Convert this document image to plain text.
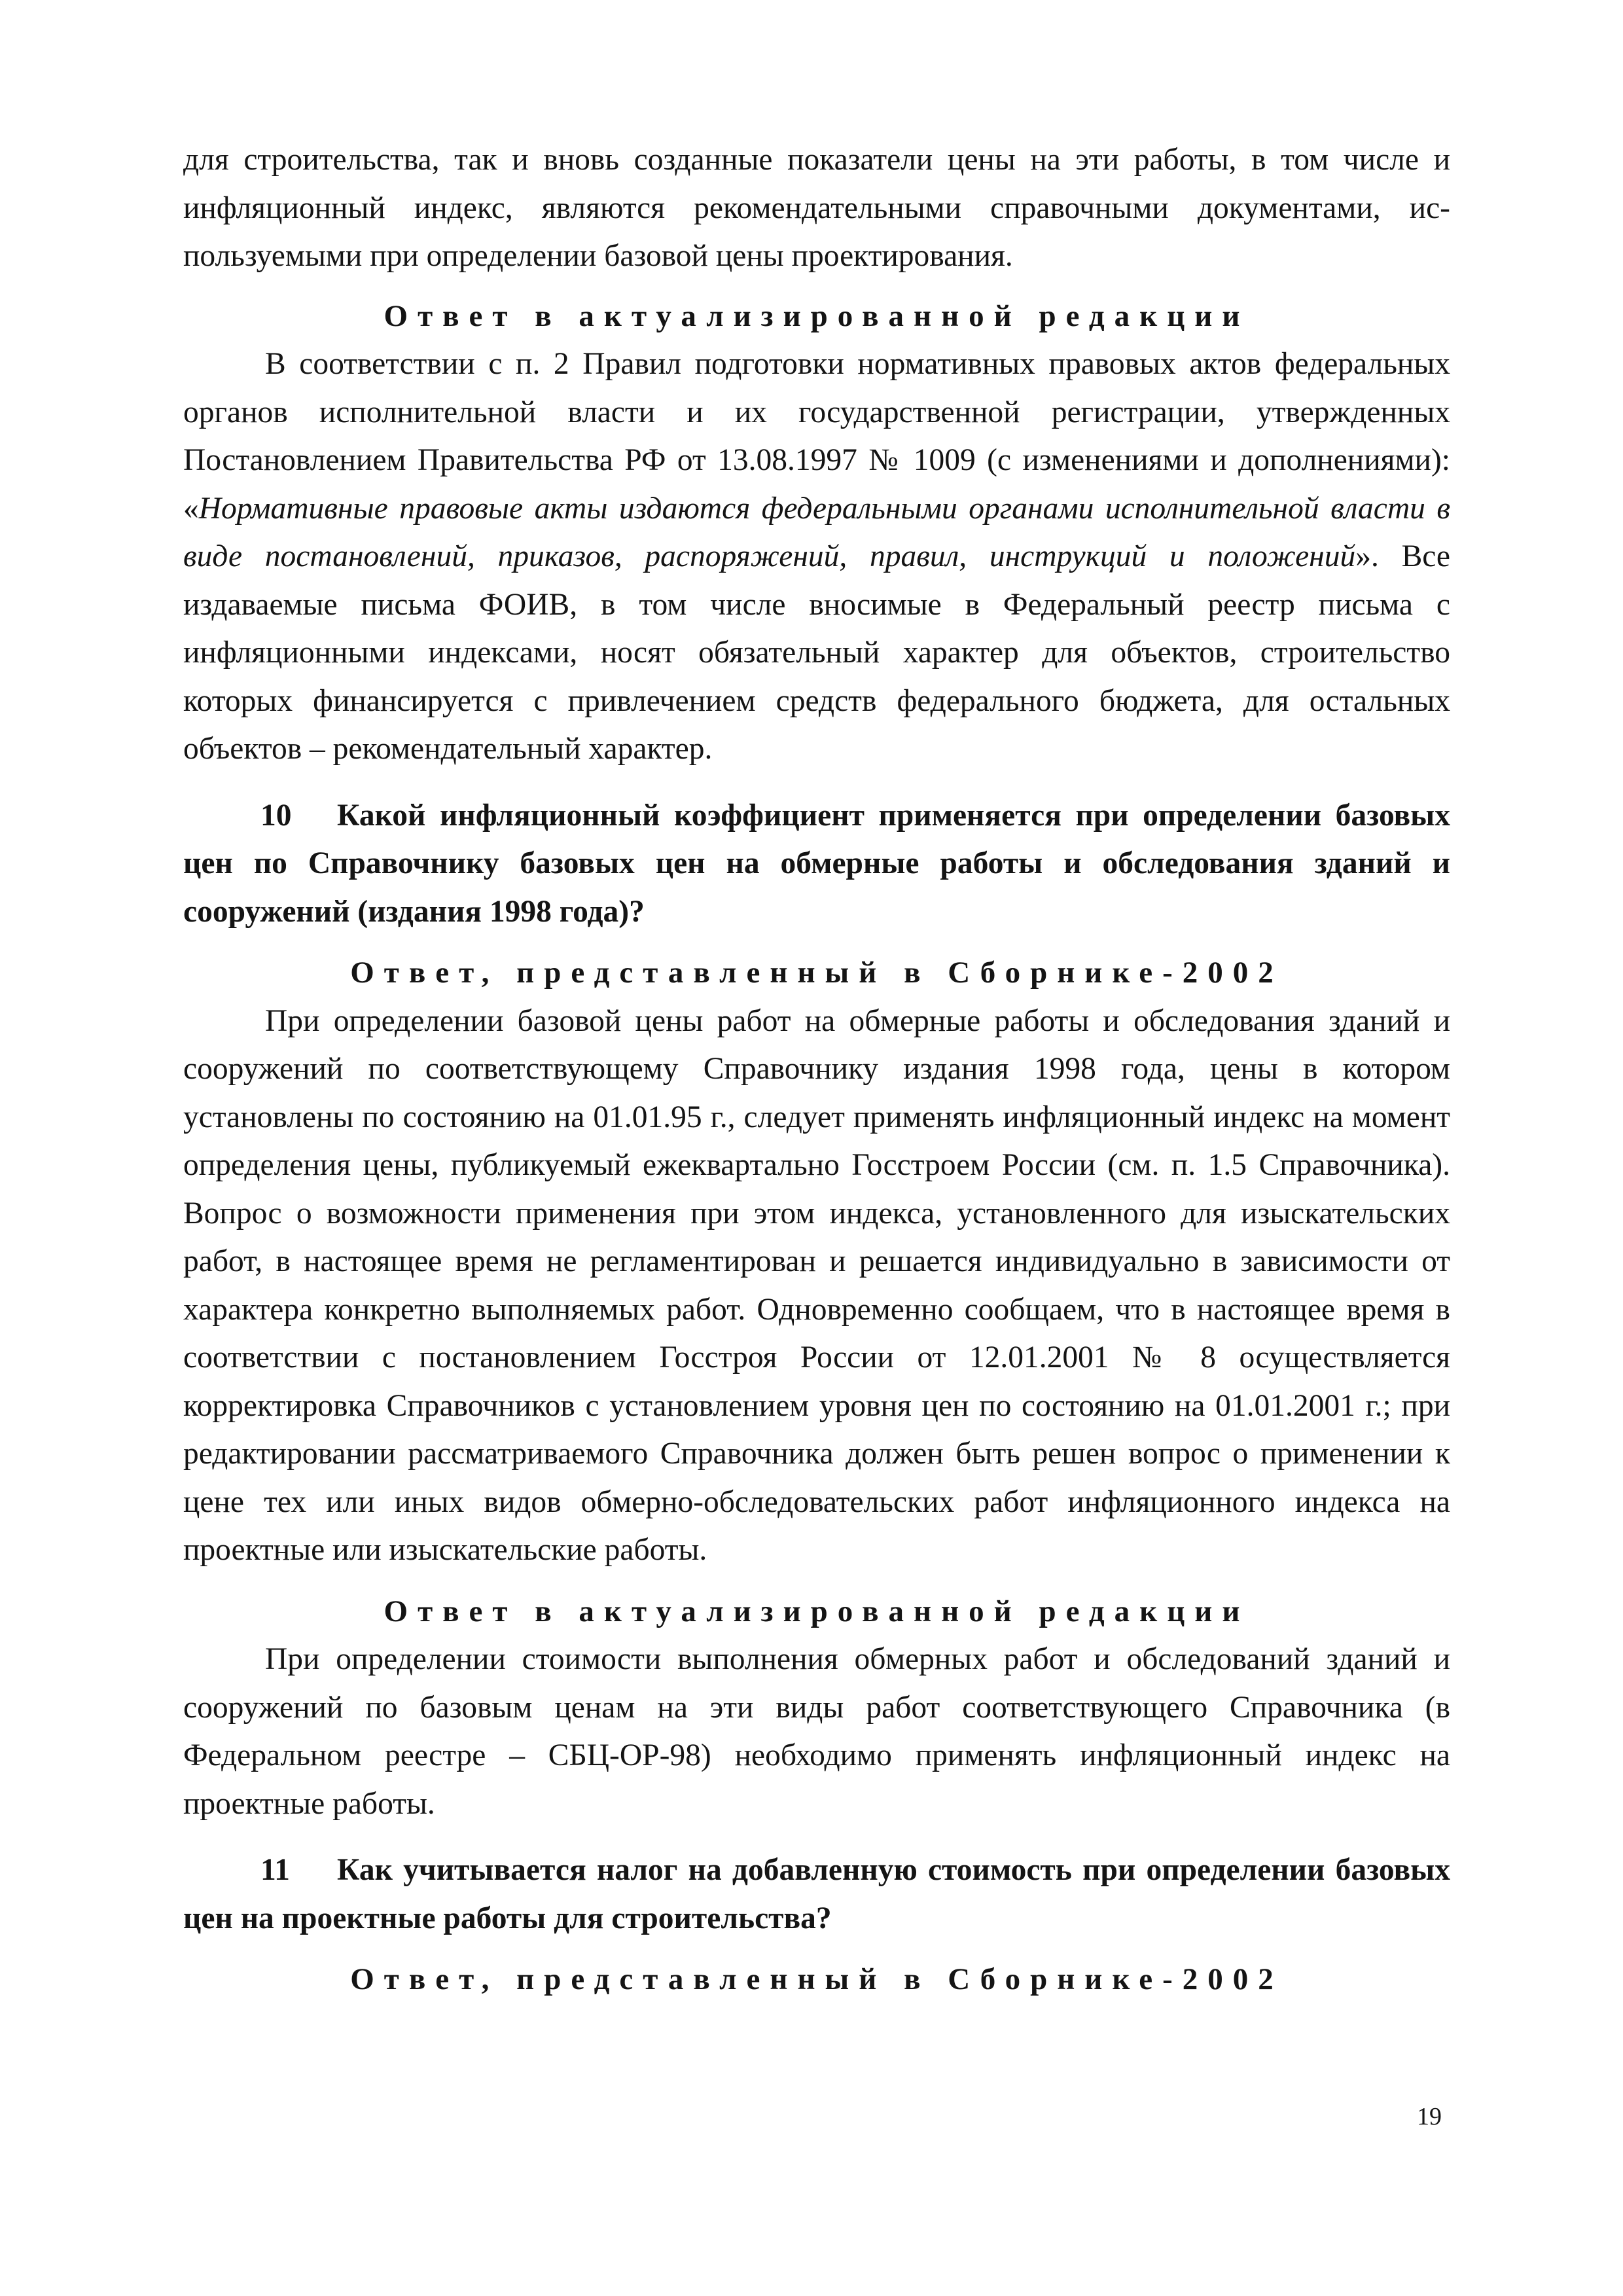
для строительства, так и вновь созданные показатели цены на эти работы, в том числе и инфляционный индекс, являются рекомендательными справочными документами, используемыми при определении базовой цены проектирования.

Ответ в актуализированной редакции

В соответствии с п. 2 Правил подготовки нормативных правовых актов федеральных органов исполнительной власти и их государственной регистрации, утвержденных Постановлением Правительства РФ от 13.08.1997 № 1009 (с изменениями и дополнениями): «Нормативные правовые акты издаются федеральными органами исполнительной власти в виде постановлений, приказов, распоряжений, правил, инструкций и положений». Все издаваемые письма ФОИВ, в том числе вносимые в Федеральный реестр письма с инфляционными индексами, носят обязательный характер для объектов, строительство которых финансируется с привлечением средств федерального бюджета, для остальных объектов – рекомендательный характер.

10 Какой инфляционный коэффициент применяется при определении базовых цен по Справочнику базовых цен на обмерные работы и обследования зданий и сооружений (издания 1998 года)?
Ответ, представленный в Сборнике-2002

При определении базовой цены работ на обмерные работы и обследования зданий и сооружений по соответствующему Справочнику издания 1998 года, цены в котором установлены по состоянию на 01.01.95 г., следует применять инфляционный индекс на момент определения цены, публикуемый ежеквартально Госстроем России (см. п. 1.5 Справочника). Вопрос о возможности применения при этом индекса, установленного для изыскательских работ, в настоящее время не регламентирован и решается индивидуально в зависимости от характера конкретно выполняемых работ. Одновременно сообщаем, что в настоящее время в соответствии с постановлением Госстроя России от 12.01.2001 № 8 осуществляется корректировка Справочников с установлением уровня цен по состоянию на 01.01.2001 г.; при редактировании рассматриваемого Справочника должен быть решен вопрос о применении к цене тех или иных видов обмерно-обследовательских работ инфляционного индекса на проектные или изыскательские работы.

Ответ в актуализированной редакции

При определении стоимости выполнения обмерных работ и обследований зданий и сооружений по базовым ценам на эти виды работ соответствующего Справочника (в Федеральном реестре – СБЦ-ОР-98) необходимо применять инфляционный индекс на проектные работы.

11 Как учитывается налог на добавленную стоимость при определении базовых цен на проектные работы для строительства?
Ответ, представленный в Сборнике-2002
19
